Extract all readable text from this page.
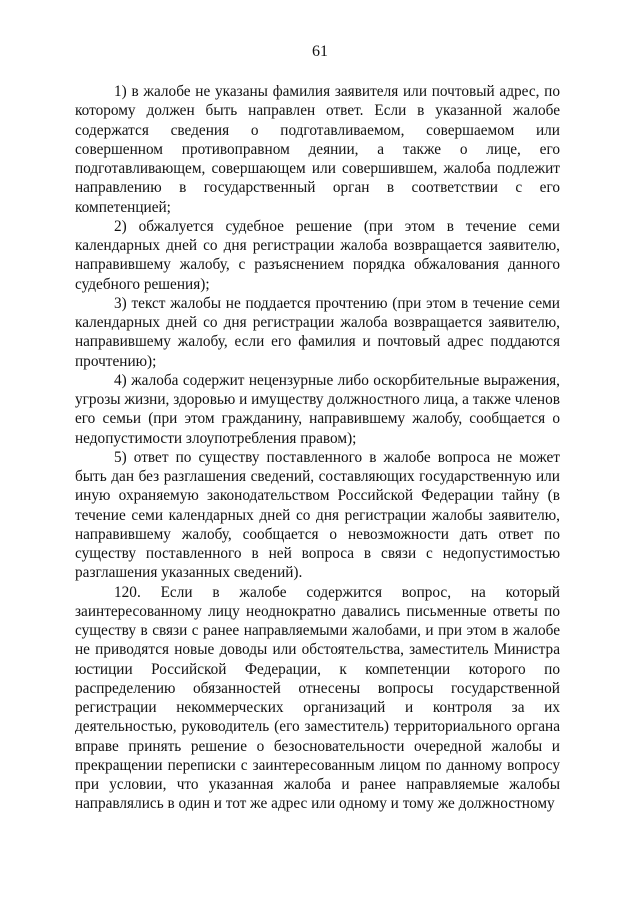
61

1) в жалобе не указаны фамилия заявителя или почтовый адрес, по которому должен быть направлен ответ. Если в указанной жалобе содержатся сведения о подготавливаемом, совершаемом или совершенном противоправном деянии, а также о лице, его подготавливающем, совершающем или совершившем, жалоба подлежит направлению в государственный орган в соответствии с его компетенцией;

2) обжалуется судебное решение (при этом в течение семи календарных дней со дня регистрации жалоба возвращается заявителю, направившему жалобу, с разъяснением порядка обжалования данного судебного решения);

3) текст жалобы не поддается прочтению (при этом в течение семи календарных дней со дня регистрации жалоба возвращается заявителю, направившему жалобу, если его фамилия и почтовый адрес поддаются прочтению);

4) жалоба содержит нецензурные либо оскорбительные выражения, угрозы жизни, здоровью и имуществу должностного лица, а также членов его семьи (при этом гражданину, направившему жалобу, сообщается о недопустимости злоупотребления правом);

5) ответ по существу поставленного в жалобе вопроса не может быть дан без разглашения сведений, составляющих государственную или иную охраняемую законодательством Российской Федерации тайну (в течение семи календарных дней со дня регистрации жалобы заявителю, направившему жалобу, сообщается о невозможности дать ответ по существу поставленного в ней вопроса в связи с недопустимостью разглашения указанных сведений).

120. Если в жалобе содержится вопрос, на который заинтересованному лицу неоднократно давались письменные ответы по существу в связи с ранее направляемыми жалобами, и при этом в жалобе не приводятся новые доводы или обстоятельства, заместитель Министра юстиции Российской Федерации, к компетенции которого по распределению обязанностей отнесены вопросы государственной регистрации некоммерческих организаций и контроля за их деятельностью, руководитель (его заместитель) территориального органа вправе принять решение о безосновательности очередной жалобы и прекращении переписки с заинтересованным лицом по данному вопросу при условии, что указанная жалоба и ранее направляемые жалобы направлялись в один и тот же адрес или одному и тому же должностному
